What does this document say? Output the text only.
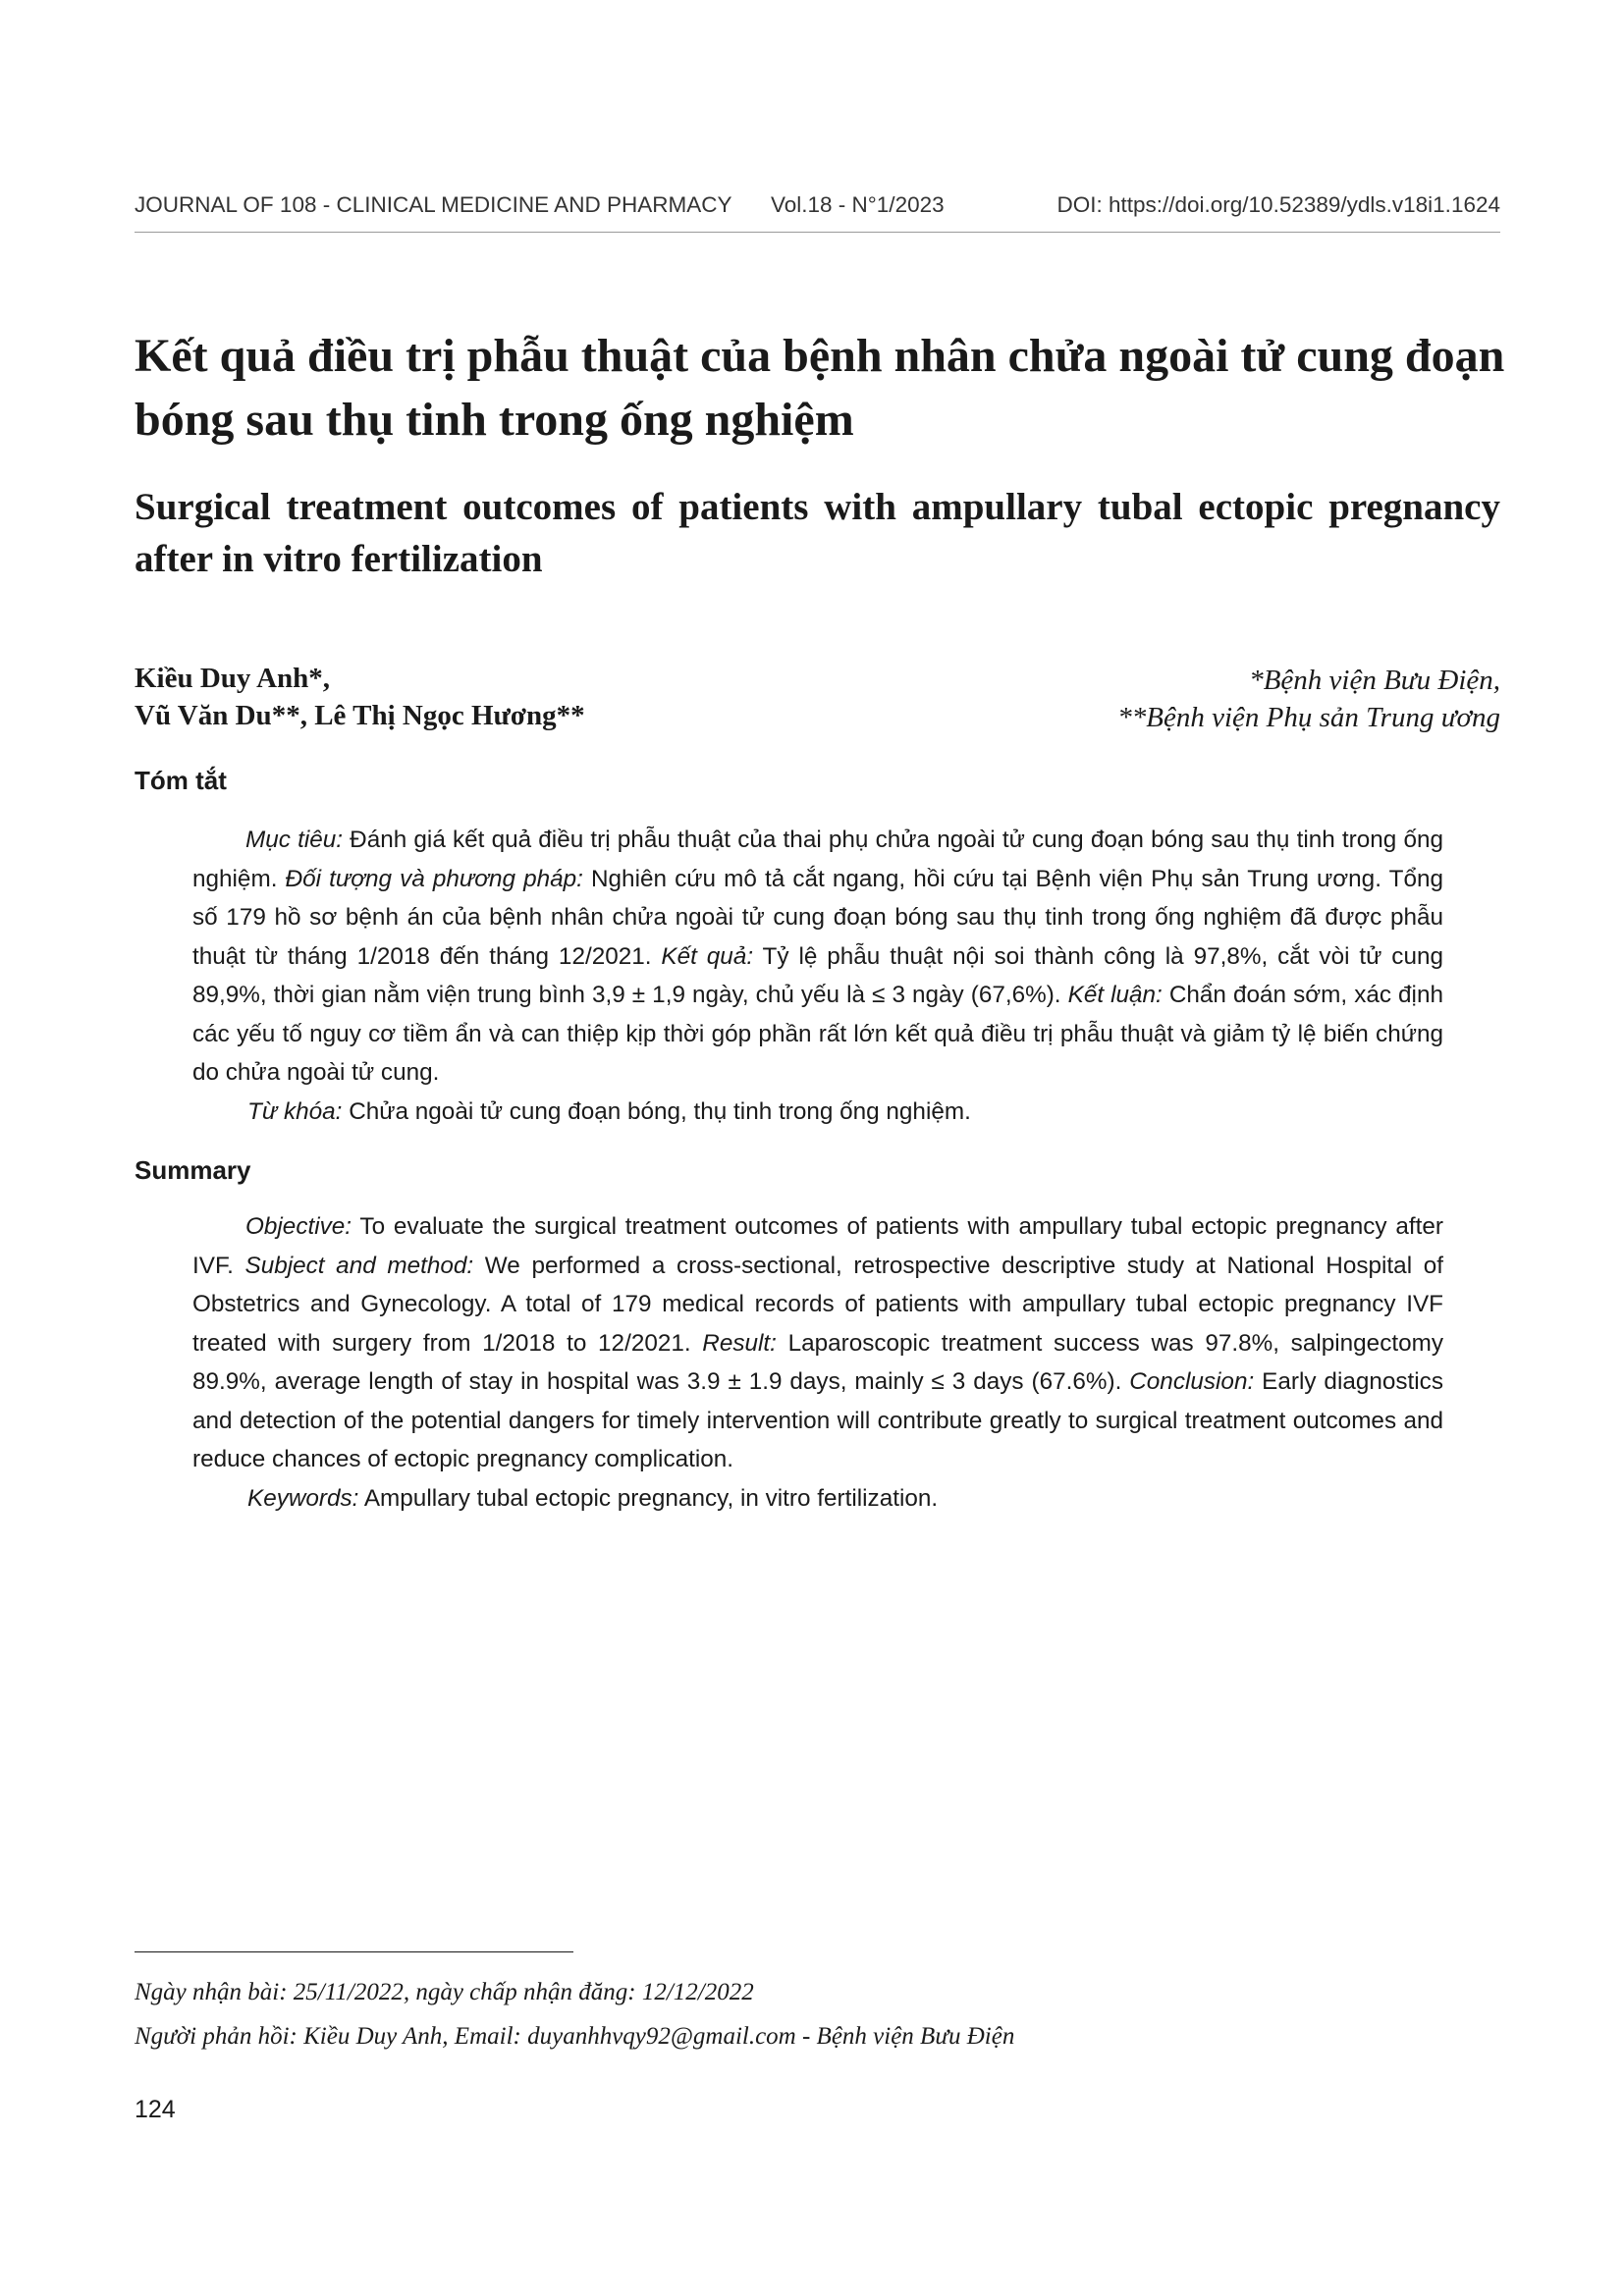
JOURNAL OF 108 - CLINICAL MEDICINE AND PHARMACY Vol.18 - N°1/2023	DOI: https://doi.org/10.52389/ydls.v18i1.1624
Kết quả điều trị phẫu thuật của bệnh nhân chửa ngoài tử cung đoạn bóng sau thụ tinh trong ống nghiệm
Surgical treatment outcomes of patients with ampullary tubal ectopic pregnancy after in vitro fertilization
Kiều Duy Anh*,
Vũ Văn Du**, Lê Thị Ngọc Hương**
*Bệnh viện Bưu Điện,
**Bệnh viện Phụ sản Trung ương
Tóm tắt

Mục tiêu: Đánh giá kết quả điều trị phẫu thuật của thai phụ chửa ngoài tử cung đoạn bóng sau thụ tinh trong ống nghiệm. Đối tượng và phương pháp: Nghiên cứu mô tả cắt ngang, hồi cứu tại Bệnh viện Phụ sản Trung ương. Tổng số 179 hồ sơ bệnh án của bệnh nhân chửa ngoài tử cung đoạn bóng sau thụ tinh trong ống nghiệm đã được phẫu thuật từ tháng 1/2018 đến tháng 12/2021. Kết quả: Tỷ lệ phẫu thuật nội soi thành công là 97,8%, cắt vòi tử cung 89,9%, thời gian nằm viện trung bình 3,9 ± 1,9 ngày, chủ yếu là ≤ 3 ngày (67,6%). Kết luận: Chẩn đoán sớm, xác định các yếu tố nguy cơ tiềm ẩn và can thiệp kịp thời góp phần rất lớn kết quả điều trị phẫu thuật và giảm tỷ lệ biến chứng do chửa ngoài tử cung.

Từ khóa: Chửa ngoài tử cung đoạn bóng, thụ tinh trong ống nghiệm.

Summary

Objective: To evaluate the surgical treatment outcomes of patients with ampullary tubal ectopic pregnancy after IVF. Subject and method: We performed a cross-sectional, retrospective descriptive study at National Hospital of Obstetrics and Gynecology. A total of 179 medical records of patients with ampullary tubal ectopic pregnancy IVF treated with surgery from 1/2018 to 12/2021. Result: Laparoscopic treatment success was 97.8%, salpingectomy 89.9%, average length of stay in hospital was 3.9 ± 1.9 days, mainly ≤ 3 days (67.6%). Conclusion: Early diagnostics and detection of the potential dangers for timely intervention will contribute greatly to surgical treatment outcomes and reduce chances of ectopic pregnancy complication.

Keywords: Ampullary tubal ectopic pregnancy, in vitro fertilization.

Ngày nhận bài: 25/11/2022, ngày chấp nhận đăng: 12/12/2022
Người phản hồi: Kiều Duy Anh, Email: duyanhhvqy92@gmail.com - Bệnh viện Bưu Điện
124
